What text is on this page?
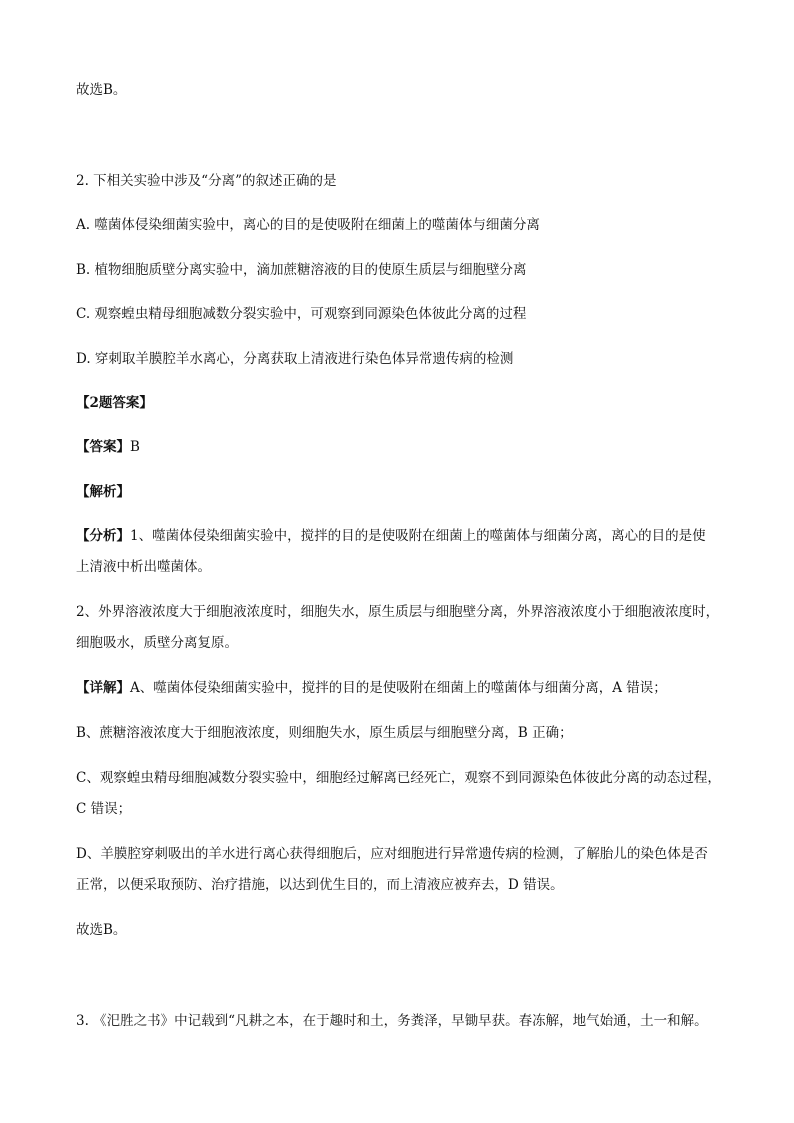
故选B。
2. 下相关实验中涉及“分离”的叙述正确的是
A. 噬菌体侵染细菌实验中，离心的目的是使吸附在细菌上的噬菌体与细菌分离
B. 植物细胞质壁分离实验中，滴加蔗糖溶液的目的使原生质层与细胞壁分离
C. 观察蝗虫精母细胞减数分裂实验中，可观察到同源染色体彼此分离的过程
D. 穿刺取羊膜腔羊水离心，分离获取上清液进行染色体异常遗传病的检测
【2题答案】
【答案】B
【解析】
【分析】1、噬菌体侵染细菌实验中，搅拌的目的是使吸附在细菌上的噬菌体与细菌分离，离心的目的是使
上清液中析出噬菌体。
2、外界溶液浓度大于细胞液浓度时，细胞失水，原生质层与细胞壁分离，外界溶液浓度小于细胞液浓度时，
细胞吸水，质壁分离复原。
【详解】A、噬菌体侵染细菌实验中，搅拌的目的是使吸附在细菌上的噬菌体与细菌分离，A 错误；
B、蔗糖溶液浓度大于细胞液浓度，则细胞失水，原生质层与细胞壁分离，B 正确；
C、观察蝗虫精母细胞减数分裂实验中，细胞经过解离已经死亡，观察不到同源染色体彼此分离的动态过程，
C 错误；
D、羊膜腔穿刺吸出的羊水进行离心获得细胞后，应对细胞进行异常遗传病的检测，了解胎儿的染色体是否
正常，以便采取预防、治疗措施，以达到优生目的，而上清液应被弃去，D 错误。
故选B。
3. 《汜胜之书》中记载到“凡耕之本，在于趣时和土，务粪泽，早锄早获。春冻解，地气始通，土一和解。
